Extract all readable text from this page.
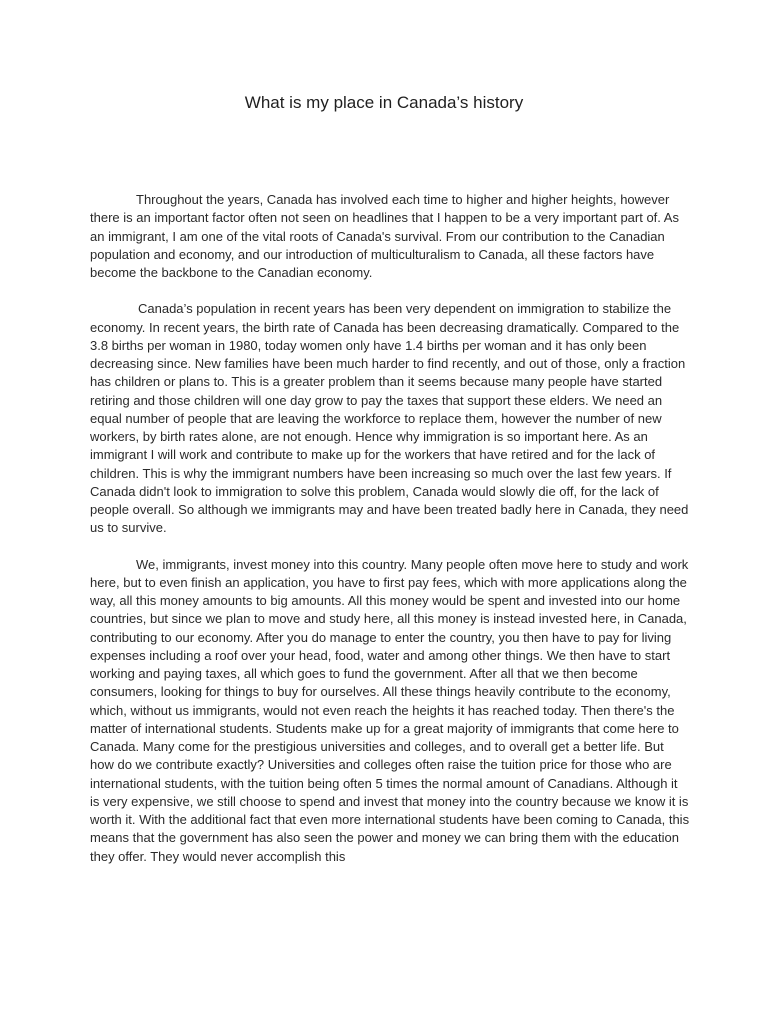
What is my place in Canada’s history

Throughout the years, Canada has involved each time to higher and higher heights, however there is an important factor often not seen on headlines that I happen to be a very important part of. As an immigrant, I am one of the vital roots of Canada's survival. From our contribution to the Canadian population and economy, and our introduction of multiculturalism to Canada, all these factors have become the backbone to the Canadian economy.

Canada’s population in recent years has been very dependent on immigration to stabilize the economy. In recent years, the birth rate of Canada has been decreasing dramatically. Compared to the 3.8 births per woman in 1980, today women only have 1.4 births per woman and it has only been decreasing since. New families have been much harder to find recently, and out of those, only a fraction has children or plans to. This is a greater problem than it seems because many people have started retiring and those children will one day grow to pay the taxes that support these elders. We need an equal number of people that are leaving the workforce to replace them, however the number of new workers, by birth rates alone, are not enough. Hence why immigration is so important here. As an immigrant I will work and contribute to make up for the workers that have retired and for the lack of children. This is why the immigrant numbers have been increasing so much over the last few years. If Canada didn't look to immigration to solve this problem, Canada would slowly die off, for the lack of people overall. So although we immigrants may and have been treated badly here in Canada, they need us to survive.

We, immigrants, invest money into this country. Many people often move here to study and work here, but to even finish an application, you have to first pay fees, which with more applications along the way, all this money amounts to big amounts. All this money would be spent and invested into our home countries, but since we plan to move and study here, all this money is instead invested here, in Canada, contributing to our economy. After you do manage to enter the country, you then have to pay for living expenses including a roof over your head, food, water and among other things. We then have to start working and paying taxes, all which goes to fund the government. After all that we then become consumers, looking for things to buy for ourselves. All these things heavily contribute to the economy, which, without us immigrants, would not even reach the heights it has reached today. Then there's the matter of international students. Students make up for a great majority of immigrants that come here to Canada. Many come for the prestigious universities and colleges, and to overall get a better life. But how do we contribute exactly? Universities and colleges often raise the tuition price for those who are international students, with the tuition being often 5 times the normal amount of Canadians. Although it is very expensive, we still choose to spend and invest that money into the country because we know it is worth it. With the additional fact that even more international students have been coming to Canada, this means that the government has also seen the power and money we can bring them with the education they offer. They would never accomplish this
